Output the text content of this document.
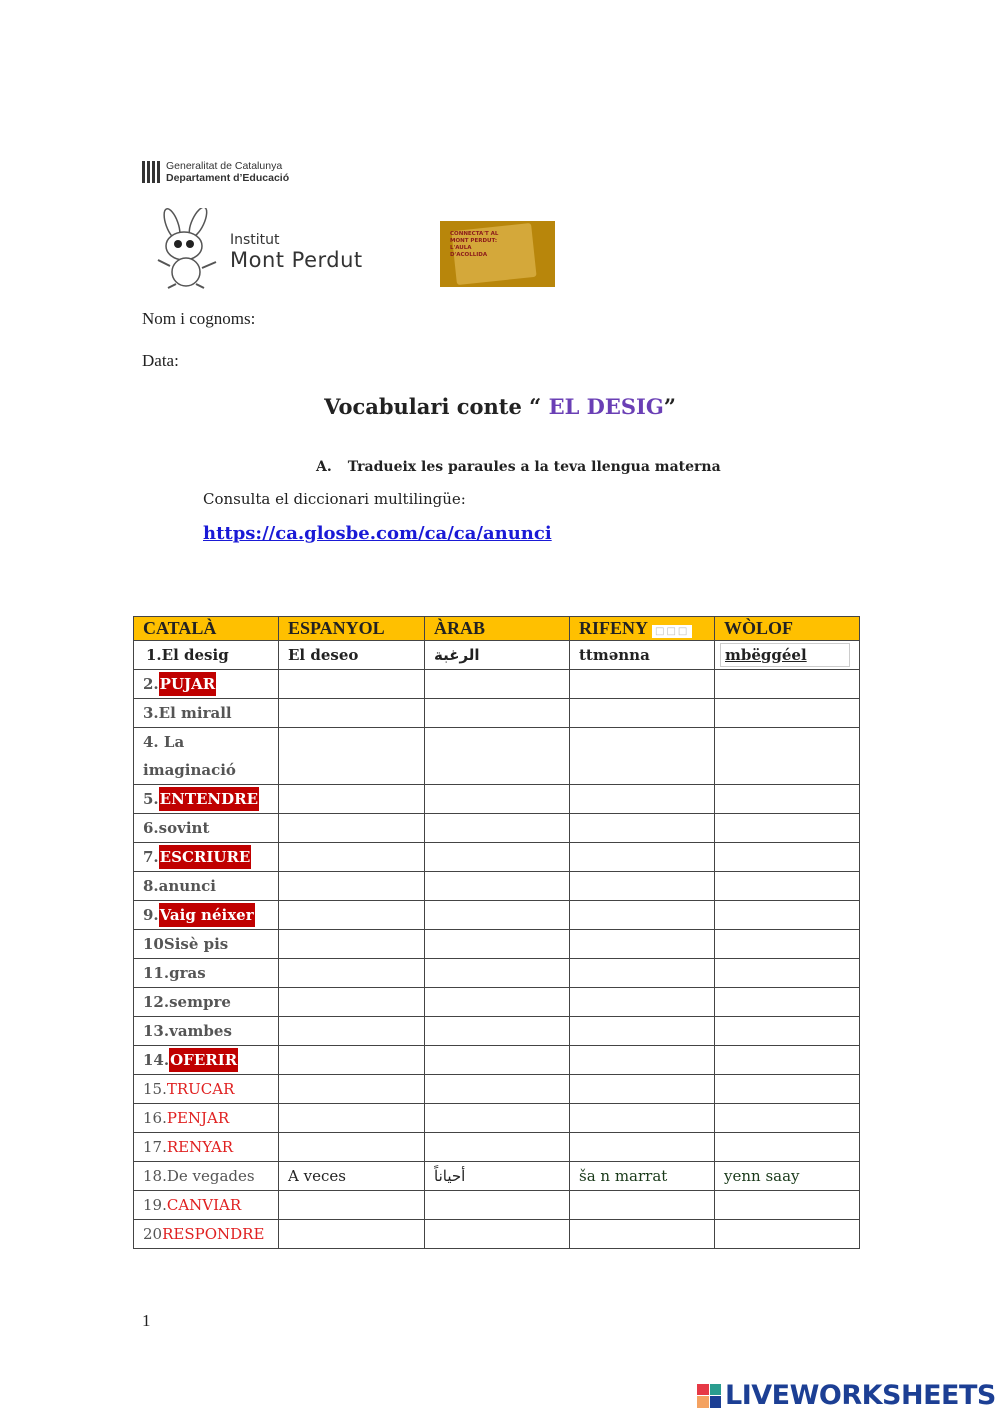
Generalitat de Catalunya
Departament d’Educació
Institut
Mont Perdut
CONNECTA'T AL MONT PERDUT: L'AULA D'ACOLLIDA
Nom i cognoms:
Data:
Vocabulari conte “ EL DESIG”
A. Tradueix les paraules a la teva llengua materna
Consulta el diccionari multilingüe:
https://ca.glosbe.com/ca/ca/anunci
CATALÀ	ESPANYOL	ÀRAB	RIFENY □□□	WÒLOF
1.El desig	El deseo	الرغبة	ttmənna	mbëggéel
2.PUJAR				
3.El mirall				
4. La imaginació				
5.ENTENDRE				
6.sovint				
7.ESCRIURE				
8.anunci				
9.Vaig néixer				
10Sisè pis				
11.gras				
12.sempre				
13.vambes				
14.OFERIR				
15.TRUCAR				
16.PENJAR				
17.RENYAR				
18.De vegades	A veces	أحياناً	ša n marrat	yenn saay
19.CANVIAR				
20RESPONDRE				
1
LIVEWORKSHEETS
